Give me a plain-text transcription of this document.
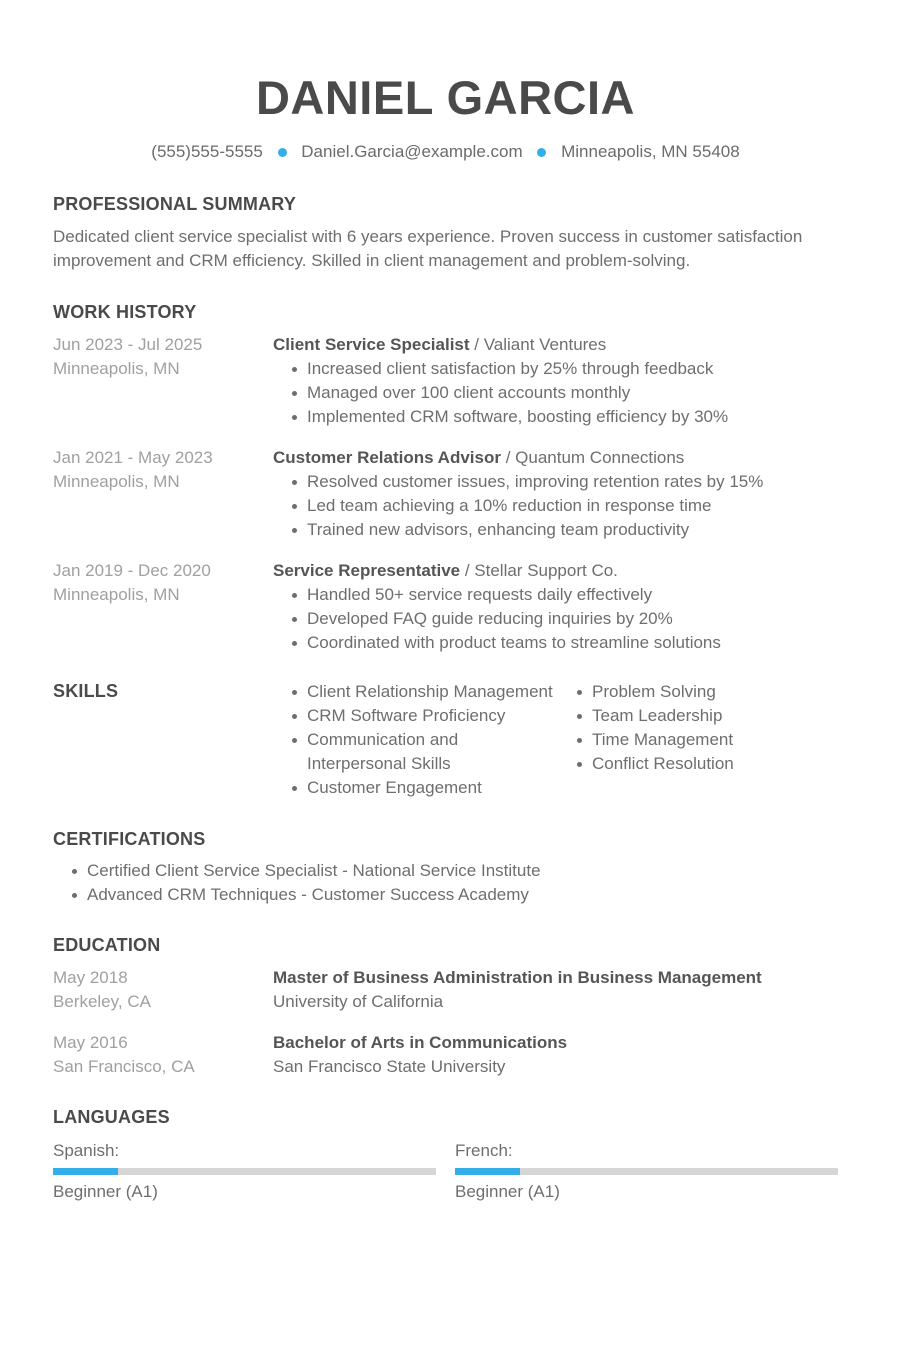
DANIEL GARCIA
(555)555-5555 Daniel.Garcia@example.com Minneapolis, MN 55408
PROFESSIONAL SUMMARY
Dedicated client service specialist with 6 years experience. Proven success in customer satisfaction improvement and CRM efficiency. Skilled in client management and problem-solving.
WORK HISTORY
Jun 2023 - Jul 2025
Minneapolis, MN
Client Service Specialist / Valiant Ventures
Increased client satisfaction by 25% through feedback
Managed over 100 client accounts monthly
Implemented CRM software, boosting efficiency by 30%
Jan 2021 - May 2023
Minneapolis, MN
Customer Relations Advisor / Quantum Connections
Resolved customer issues, improving retention rates by 15%
Led team achieving a 10% reduction in response time
Trained new advisors, enhancing team productivity
Jan 2019 - Dec 2020
Minneapolis, MN
Service Representative / Stellar Support Co.
Handled 50+ service requests daily effectively
Developed FAQ guide reducing inquiries by 20%
Coordinated with product teams to streamline solutions
SKILLS	Client Relationship Management
CRM Software Proficiency
Communication and Interpersonal Skills
Customer Engagement
Problem Solving
Team Leadership
Time Management
Conflict Resolution
CERTIFICATIONS
Certified Client Service Specialist - National Service Institute
Advanced CRM Techniques - Customer Success Academy
EDUCATION
May 2018
Berkeley, CA
Master of Business Administration in Business Management
University of California
May 2016
San Francisco, CA
Bachelor of Arts in Communications
San Francisco State University
LANGUAGES
Spanish:
Beginner (A1)
French:
Beginner (A1)
